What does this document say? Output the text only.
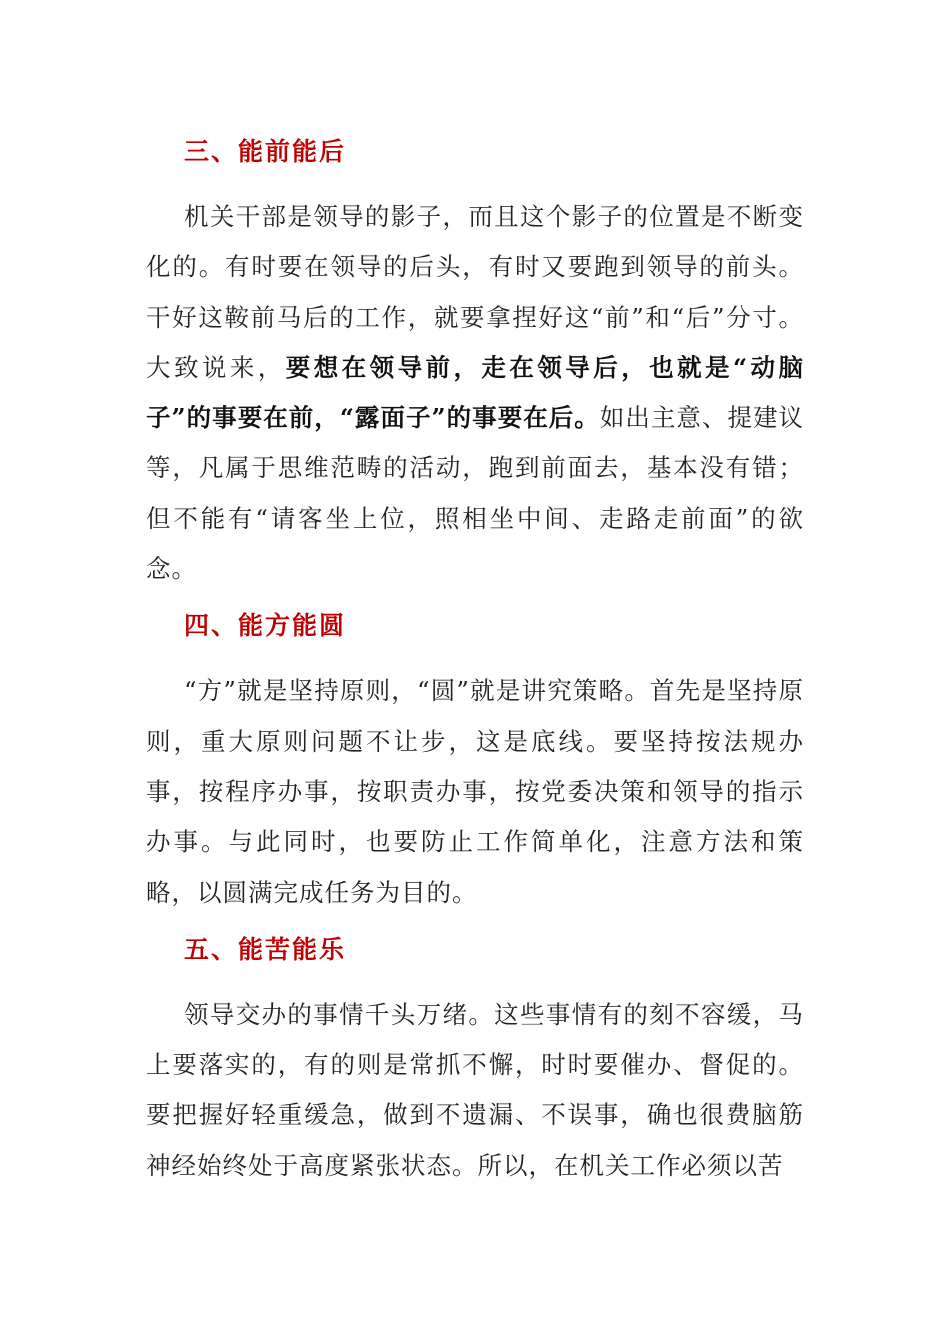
三、能前能后

机关干部是领导的影子，而且这个影子的位置是不断变化的。有时要在领导的后头，有时又要跑到领导的前头。干好这鞍前马后的工作，就要拿捏好这“前”和“后”分寸。大致说来，要想在领导前，走在领导后，也就是“动脑子”的事要在前，“露面子”的事要在后。如出主意、提建议等，凡属于思维范畴的活动，跑到前面去，基本没有错；但不能有“请客坐上位，照相坐中间、走路走前面”的欲念。

四、能方能圆

“方”就是坚持原则，“圆”就是讲究策略。首先是坚持原则，重大原则问题不让步，这是底线。要坚持按法规办事，按程序办事，按职责办事，按党委决策和领导的指示办事。与此同时，也要防止工作简单化，注意方法和策略，以圆满完成任务为目的。

五、能苦能乐

领导交办的事情千头万绪。这些事情有的刻不容缓，马上要落实的，有的则是常抓不懈，时时要催办、督促的。要把握好轻重缓急，做到不遗漏、不误事，确也很费脑筋神经始终处于高度紧张状态。所以，在机关工作必须以苦
